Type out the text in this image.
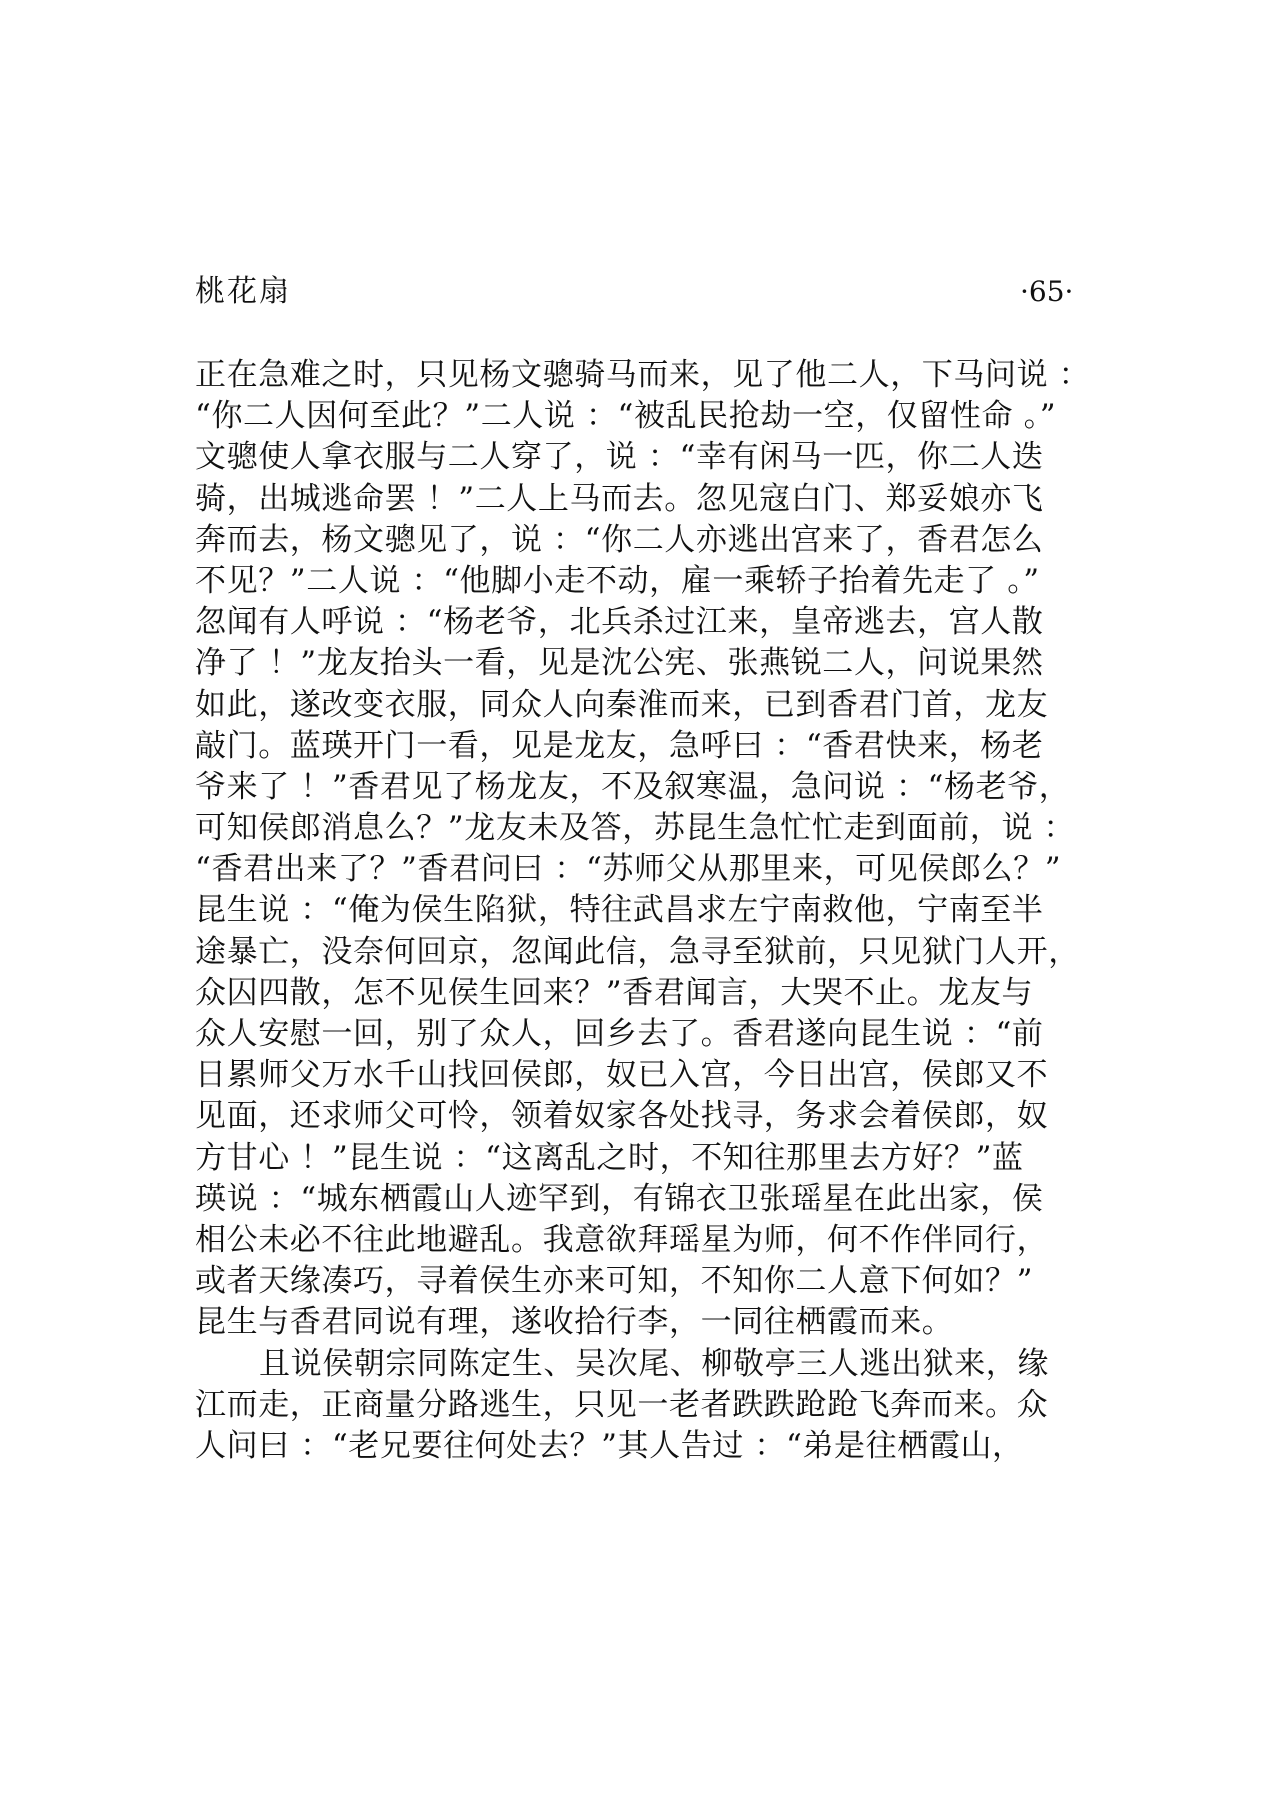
桃花扇	·65·
正在急难之时，只见杨文骢骑马而来，见了他二人，下马问说 ：
“你二人因何至此？”二人说 ：“被乱民抢劫一空，仅留性命 。”
文骢使人拿衣服与二人穿了，说 ：“幸有闲马一匹，你二人迭
骑，出城逃命罢 ！”二人上马而去。忽见寇白门、郑妥娘亦飞
奔而去，杨文骢见了，说 ：“你二人亦逃出宫来了，香君怎么
不见？”二人说 ：“他脚小走不动，雇一乘轿子抬着先走了 。”
忽闻有人呼说 ：“杨老爷，北兵杀过江来，皇帝逃去，宫人散
净了 ！”龙友抬头一看，见是沈公宪、张燕锐二人，问说果然
如此，遂改变衣服，同众人向秦淮而来，已到香君门首，龙友
敲门。蓝瑛开门一看，见是龙友，急呼曰 ：“香君快来，杨老
爷来了 ！”香君见了杨龙友，不及叙寒温，急问说 ：“杨老爷，
可知侯郎消息么？”龙友未及答，苏昆生急忙忙走到面前，说 ：
“香君出来了？”香君问曰 ：“苏师父从那里来，可见侯郎么？”
昆生说 ：“俺为侯生陷狱，特往武昌求左宁南救他，宁南至半
途暴亡，没奈何回京，忽闻此信，急寻至狱前，只见狱门人开，
众囚四散，怎不见侯生回来？”香君闻言，大哭不止。龙友与
众人安慰一回，别了众人，回乡去了。香君遂向昆生说 ：“前
日累师父万水千山找回侯郎，奴已入宫，今日出宫，侯郎又不
见面，还求师父可怜，领着奴家各处找寻，务求会着侯郎，奴
方甘心 ！”昆生说 ：“这离乱之时，不知往那里去方好？”蓝
瑛说 ：“城东栖霞山人迹罕到，有锦衣卫张瑶星在此出家，侯
相公未必不往此地避乱。我意欲拜瑶星为师，何不作伴同行，
或者天缘凑巧，寻着侯生亦来可知，不知你二人意下何如？”
昆生与香君同说有理，遂收拾行李，一同往栖霞而来。
且说侯朝宗同陈定生、吴次尾、柳敬亭三人逃出狱来，缘
江而走，正商量分路逃生，只见一老者跌跌跄跄飞奔而来。众
人问曰 ：“老兄要往何处去？”其人告过 ：“弟是往栖霞山，
